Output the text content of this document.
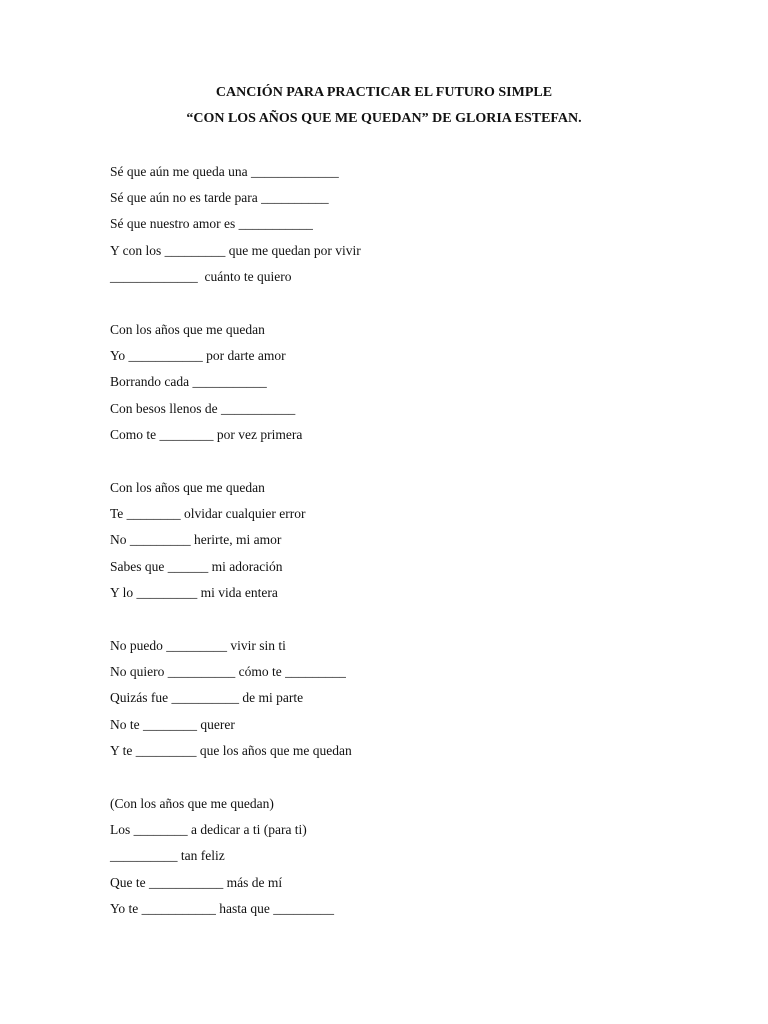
CANCIÓN PARA PRACTICAR EL FUTURO SIMPLE

“CON LOS AÑOS QUE ME QUEDAN” DE GLORIA ESTEFAN.

Sé que aún me queda una _____________
Sé que aún no es tarde para __________
Sé que nuestro amor es ___________
Y con los _________ que me quedan por vivir
_____________  cuánto te quiero
Con los años que me quedan
Yo ___________ por darte amor
Borrando cada ___________
Con besos llenos de ___________
Como te ________ por vez primera
Con los años que me quedan
Te ________ olvidar cualquier error
No _________ herirte, mi amor
Sabes que ______ mi adoración
Y lo _________ mi vida entera
No puedo _________ vivir sin ti
No quiero __________ cómo te _________
Quizás fue __________ de mi parte
No te ________ querer
Y te _________ que los años que me quedan
(Con los años que me quedan)
Los ________ a dedicar a ti (para ti)
__________ tan feliz
Que te ___________ más de mí
Yo te ___________ hasta que _________
